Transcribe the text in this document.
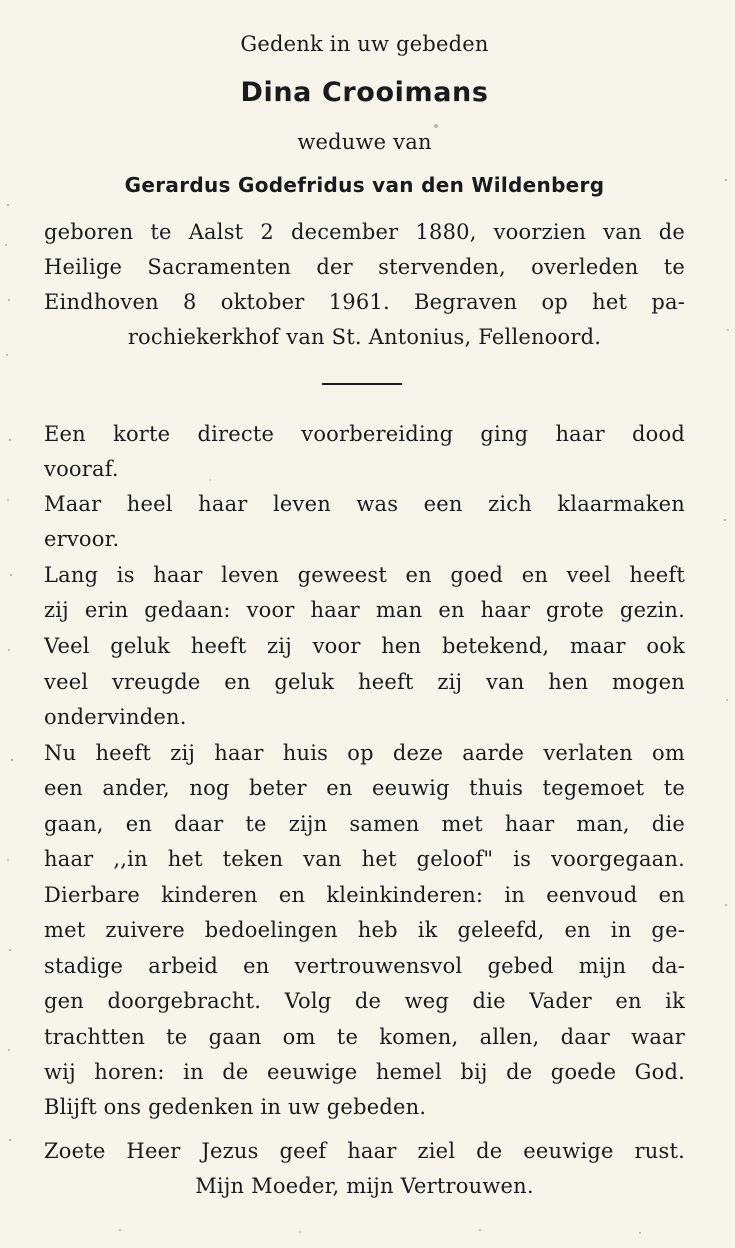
Gedenk in uw gebeden

Dina Crooimans

weduwe van

Gerardus Godefridus van den Wildenberg

geboren te Aalst 2 december 1880, voorzien van de

Heilige Sacramenten der stervenden, overleden te

Eindhoven 8 oktober 1961. Begraven op het pa-

rochiekerkhof van St. Antonius, Fellenoord.

Een korte directe voorbereiding ging haar dood

vooraf.

Maar heel haar leven was een zich klaarmaken

ervoor.

Lang is haar leven geweest en goed en veel heeft

zij erin gedaan: voor haar man en haar grote gezin.

Veel geluk heeft zij voor hen betekend, maar ook

veel vreugde en geluk heeft zij van hen mogen

ondervinden.

Nu heeft zij haar huis op deze aarde verlaten om

een ander, nog beter en eeuwig thuis tegemoet te

gaan, en daar te zijn samen met haar man, die

haar ,,in het teken van het geloof" is voorgegaan.

Dierbare kinderen en kleinkinderen: in eenvoud en

met zuivere bedoelingen heb ik geleefd, en in ge-

stadige arbeid en vertrouwensvol gebed mijn da-

gen doorgebracht. Volg de weg die Vader en ik

trachtten te gaan om te komen, allen, daar waar

wij horen: in de eeuwige hemel bij de goede God.

Blijft ons gedenken in uw gebeden.

Zoete Heer Jezus geef haar ziel de eeuwige rust.

Mijn Moeder, mijn Vertrouwen.
